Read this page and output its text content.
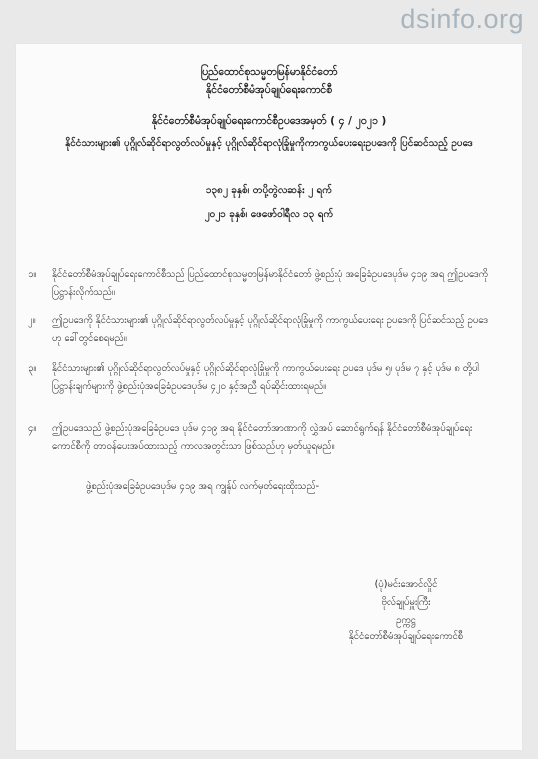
dsinfo.org
ပြည်ထောင်စုသမ္မတမြန်မာနိုင်ငံတော်
နိုင်ငံတော်စီမံအုပ်ချုပ်ရေးကောင်စီ
နိုင်ငံတော်စီမံအုပ်ချုပ်ရေးကောင်စီဥပဒေအမှတ် ( ၄ / ၂၀၂၁ )
နိုင်ငံသားများ၏ ပုဂ္ဂိုလ်ဆိုင်ရာလွတ်လပ်မှုနှင့် ပုဂ္ဂိုလ်ဆိုင်ရာလုံခြုံမှုကိုကာကွယ်ပေးရေးဥပဒေကို ပြင်ဆင်သည့် ဥပဒေ
၁၃၈၂ ခုနှစ်၊ တပို့တွဲလဆန်း ၂ ရက်
၂၀၂၁ ခုနှစ်၊ ဖေဖော်ဝါရီလ ၁၃ ရက်
၁။ နိုင်ငံတော်စီမံအုပ်ချုပ်ရေးကောင်စီသည် ပြည်ထောင်စုသမ္မတမြန်မာနိုင်ငံတော် ဖွဲ့စည်းပုံ အခြေခံဥပဒေပုဒ်မ ၄၁၉ အရ ဤဥပဒေကို ပြဋ္ဌာန်းလိုက်သည်။
၂။ ဤဥပဒေကို နိုင်ငံသားများ၏ ပုဂ္ဂိုလ်ဆိုင်ရာလွတ်လပ်မှုနှင့် ပုဂ္ဂိုလ်ဆိုင်ရာလုံခြုံမှုကို ကာကွယ်ပေးရေး ဥပဒေကို ပြင်ဆင်သည့် ဥပဒေဟု ခေါ်တွင်စေရမည်။
၃။ နိုင်ငံသားများ၏ ပုဂ္ဂိုလ်ဆိုင်ရာလွတ်လပ်မှုနှင့် ပုဂ္ဂိုလ်ဆိုင်ရာလုံခြုံမှုကို ကာကွယ်ပေးရေး ဥပဒေ ပုဒ်မ ၅၊ ပုဒ်မ ၇ နှင့် ပုဒ်မ ၈ တို့ပါပြဋ္ဌာန်းချက်များကို ဖွဲ့စည်းပုံအခြေခံဥပဒေပုဒ်မ ၄၂၀ နှင့်အညီ ရပ်ဆိုင်းထားရမည်။
၄။ ဤဥပဒေသည် ဖွဲ့စည်းပုံအခြေခံဥပဒေ ပုဒ်မ ၄၁၉ အရ နိုင်ငံတော်အာဏာကို လွှဲအပ် ဆောင်ရွက်ရန် နိုင်ငံတော်စီမံအုပ်ချုပ်ရေးကောင်စီကို တာဝန်ပေးအပ်ထားသည့် ကာလအတွင်းသာ ဖြစ်သည်ဟု မှတ်ယူရမည်။
ဖွဲ့စည်းပုံအခြေခံဥပဒေပုဒ်မ ၄၁၉ အရ ကျွန်ုပ် လက်မှတ်ရေးထိုးသည်-
(ပုံ)မင်းအောင်လှိုင်
ဗိုလ်ချုပ်မှူးကြီး
ဥက္ကဋ္ဌ
နိုင်ငံတော်စီမံအုပ်ချုပ်ရေးကောင်စီ
